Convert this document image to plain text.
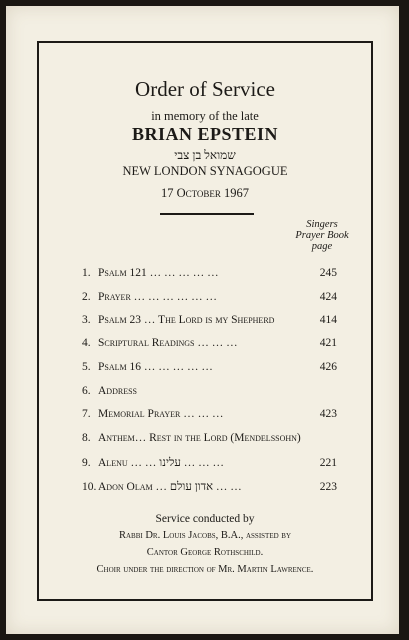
Order of Service
in memory of the late
BRIAN EPSTEIN
שמואל בן צבי
NEW LONDON SYNAGOGUE
17 October 1967
Singers
Prayer Book
page
1. Psalm 121 … … … … …	245
2. Prayer … … … … … …	424
3. Psalm 23 … The Lord is my Shepherd	414
4. Scriptural Readings … … …	421
5. Psalm 16 … … … … …	426
6. Address
7. Memorial Prayer … … …	423
8. Anthem… Rest in the Lord (Mendelssohn)
9. Alenu … … עלינו … … …	221
10. Adon Olam … אדון עולם … …	223
Service conducted by
Rabbi Dr. Louis Jacobs, B.A., assisted by
Cantor George Rothschild.
Choir under the direction of Mr. Martin Lawrence.
